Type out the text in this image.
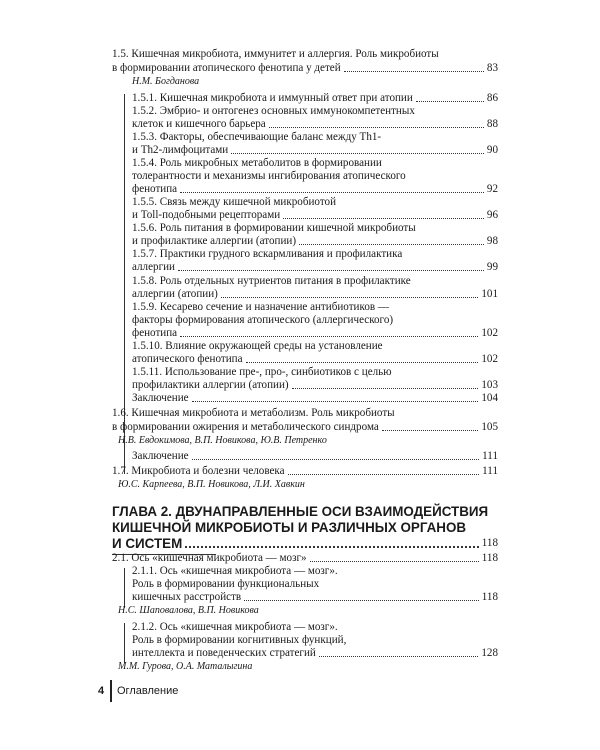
1.5. Кишечная микробиота, иммунитет и аллергия. Роль микробиоты
в формировании атопического фенотипа у детей	83
Н.М. Богданова
1.5.1. Кишечная микробиота и иммунный ответ при атопии	86
1.5.2. Эмбрио- и онтогенез основных иммунокомпетентных
клеток и кишечного барьера	88
1.5.3. Факторы, обеспечивающие баланс между Th1-
и Th2-лимфоцитами	90
1.5.4. Роль микробных метаболитов в формировании
толерантности и механизмы ингибирования атопического
фенотипа	92
1.5.5. Связь между кишечной микробиотой
и Toll-подобными рецепторами	96
1.5.6. Роль питания в формировании кишечной микробиоты
и профилактике аллергии (атопии)	98
1.5.7. Практики грудного вскармливания и профилактика
аллергии	99
1.5.8. Роль отдельных нутриентов питания в профилактике
аллергии (атопии)	101
1.5.9. Кесарево сечение и назначение антибиотиков —
факторы формирования атопического (аллергического)
фенотипа	102
1.5.10. Влияние окружающей среды на установление
атопического фенотипа	102
1.5.11. Использование пре-, про-, синбиотиков с целью
профилактики аллергии (атопии)	103
Заключение	104
1.6. Кишечная микробиота и метаболизм. Роль микробиоты
в формировании ожирения и метаболического синдрома	105
Н.В. Евдокимова, В.П. Новикова, Ю.В. Петренко
Заключение	111
1.7. Микробиота и болезни человека	111
Ю.С. Карпеева, В.П. Новикова, Л.И. Хавкин
ГЛАВА 2. ДВУНАПРАВЛЕННЫЕ ОСИ ВЗАИМОДЕЙСТВИЯ
КИШЕЧНОЙ МИКРОБИОТЫ И РАЗЛИЧНЫХ ОРГАНОВ
И СИСТЕМ	118
2.1. Ось «кишечная микробиота — мозг»	118
2.1.1. Ось «кишечная микробиота — мозг».
Роль в формировании функциональных
кишечных расстройств	118
Н.С. Шаповалова, В.П. Новикова
2.1.2. Ось «кишечная микробиота — мозг».
Роль в формировании когнитивных функций,
интеллекта и поведенческих стратегий	128
М.М. Гурова, О.А. Маталыгина
4 Оглавление
